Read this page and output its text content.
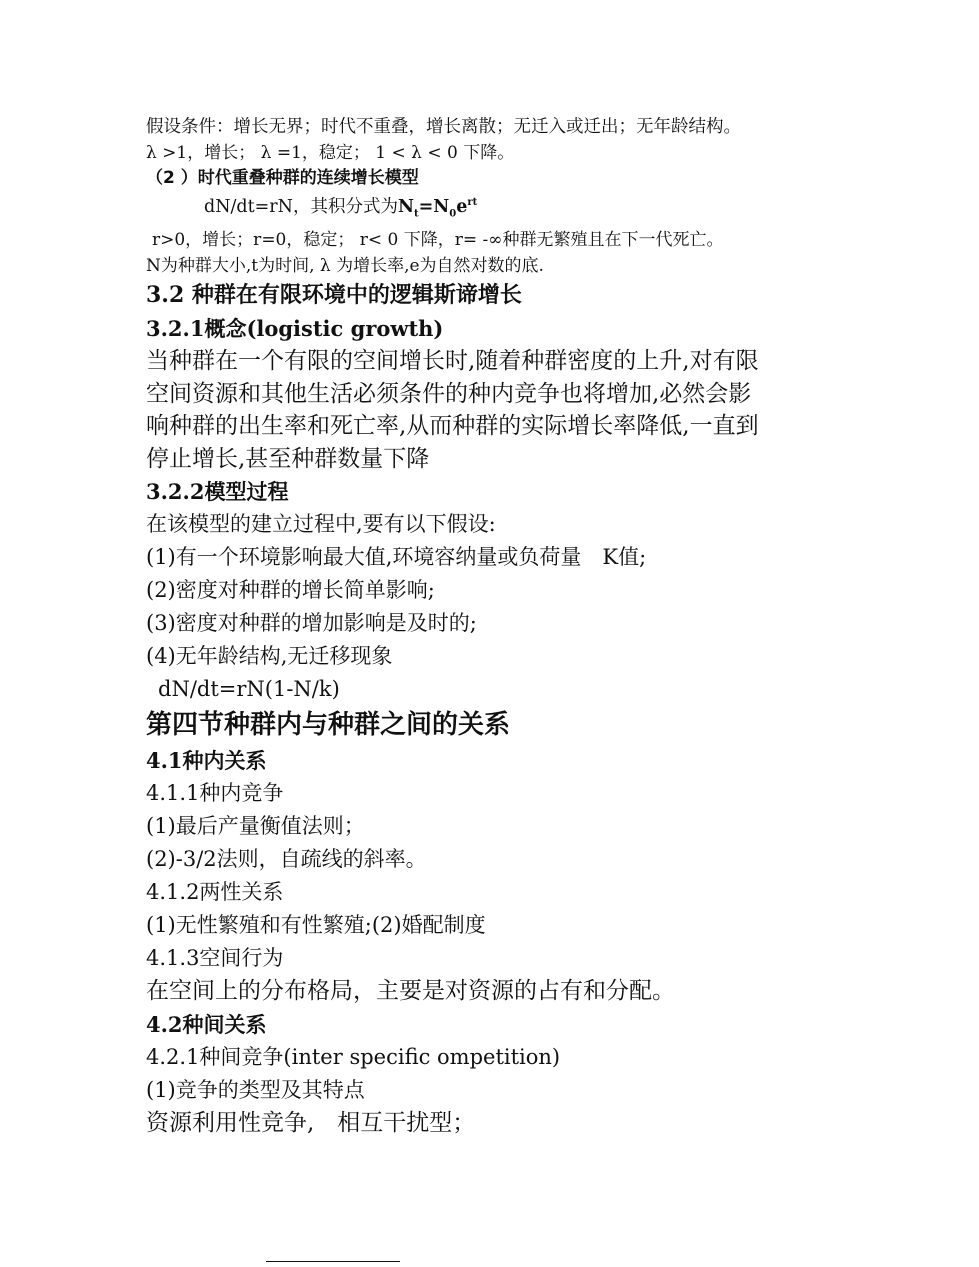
假设条件：增长无界；时代不重叠，增长离散；无迁入或迁出；无年龄结构。
λ >1，增长； λ =1，稳定； 1 < λ < 0 下降。
（2 ）时代重叠种群的连续增长模型
dN/dt=rN，其积分式为$N_t=N_0e^{rt}$
r>0，增长；r=0，稳定； r< 0 下降，r= -∞种群无繁殖且在下一代死亡。
N为种群大小,t为时间, λ 为增长率,e为自然对数的底.
3.2 种群在有限环境中的逻辑斯谛增长
3.2.1概念(logistic growth)
当种群在一个有限的空间增长时,随着种群密度的上升,对有限
空间资源和其他生活必须条件的种内竞争也将增加,必然会影
响种群的出生率和死亡率,从而种群的实际增长率降低,一直到
停止增长,甚至种群数量下降
3.2.2模型过程
在该模型的建立过程中,要有以下假设:
(1)有一个环境影响最大值,环境容纳量或负荷量　K值;
(2)密度对种群的增长简单影响;
(3)密度对种群的增加影响是及时的;
(4)无年龄结构,无迁移现象
dN/dt=rN(1-N/k)
第四节种群内与种群之间的关系
4.1种内关系
4.1.1种内竞争
(1)最后产量衡值法则；
(2)-3/2法则，自疏线的斜率。
4.1.2两性关系
(1)无性繁殖和有性繁殖;(2)婚配制度
4.1.3空间行为
在空间上的分布格局，主要是对资源的占有和分配。
4.2种间关系
4.2.1种间竞争(inter specific ompetition)
(1)竞争的类型及其特点
资源利用性竞争,　相互干扰型；
